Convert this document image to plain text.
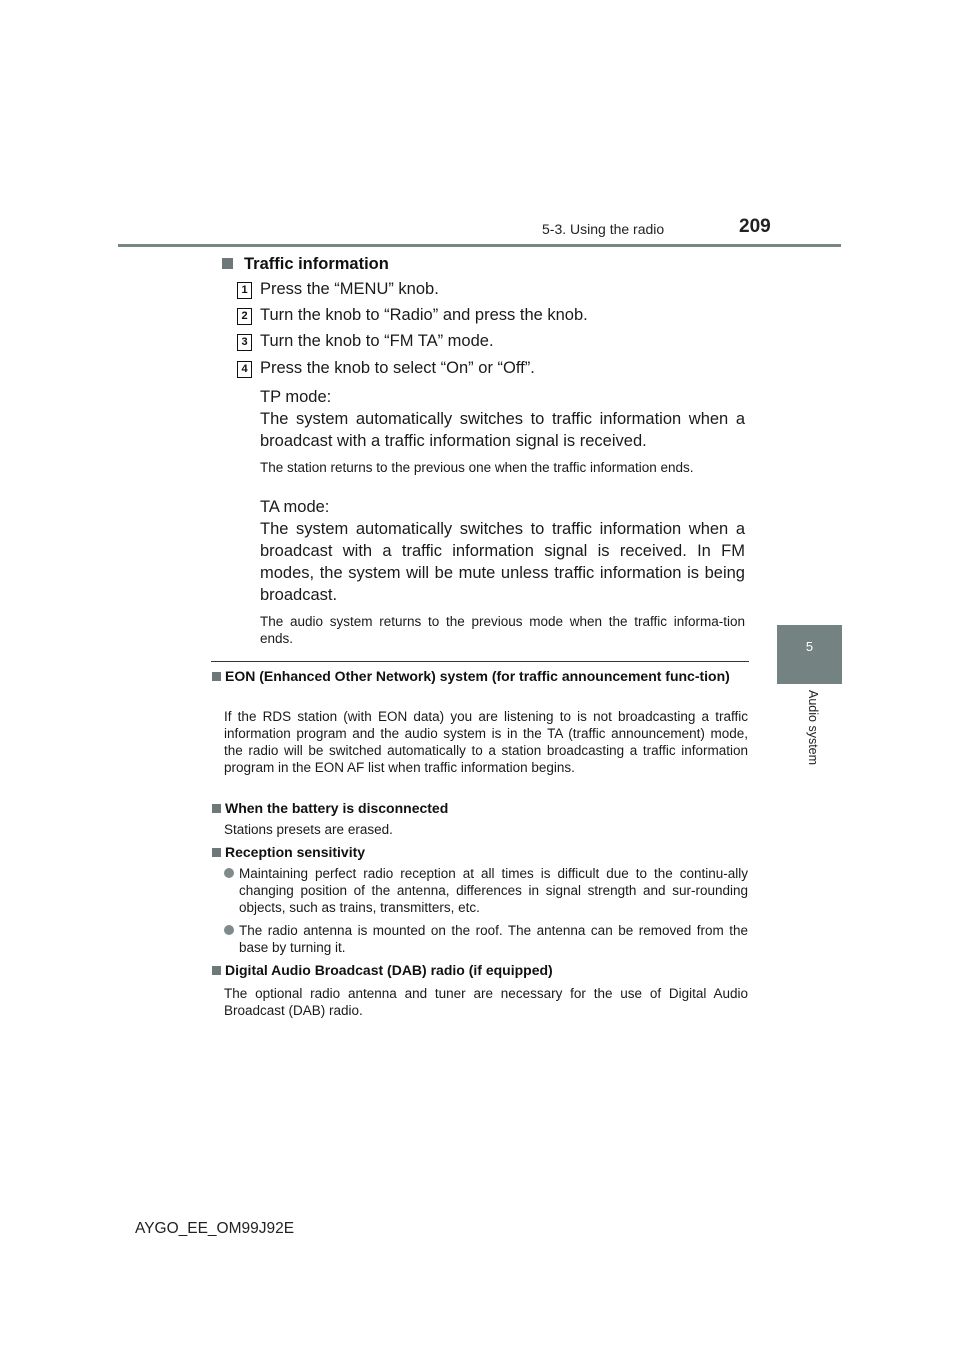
5-3. Using the radio	209
5
Audio system
Traffic information
1 Press the “MENU” knob.
2 Turn the knob to “Radio” and press the knob.
3 Turn the knob to “FM TA” mode.
4 Press the knob to select “On” or “Off”.
TP mode:
The system automatically switches to traffic information when a broadcast with a traffic information signal is received.
The station returns to the previous one when the traffic information ends.
TA mode:
The system automatically switches to traffic information when a broadcast with a traffic information signal is received. In FM modes, the system will be mute unless traffic information is being broadcast.
The audio system returns to the previous mode when the traffic informa-tion ends.
EON (Enhanced Other Network) system (for traffic announcement func-tion)
If the RDS station (with EON data) you are listening to is not broadcasting a traffic information program and the audio system is in the TA (traffic announcement) mode, the radio will be switched automatically to a station broadcasting a traffic information program in the EON AF list when traffic information begins.
When the battery is disconnected
Stations presets are erased.
Reception sensitivity
Maintaining perfect radio reception at all times is difficult due to the continu-ally changing position of the antenna, differences in signal strength and sur-rounding objects, such as trains, transmitters, etc.
The radio antenna is mounted on the roof. The antenna can be removed from the base by turning it.
Digital Audio Broadcast (DAB) radio (if equipped)
The optional radio antenna and tuner are necessary for the use of Digital Audio Broadcast (DAB) radio.
AYGO_EE_OM99J92E
